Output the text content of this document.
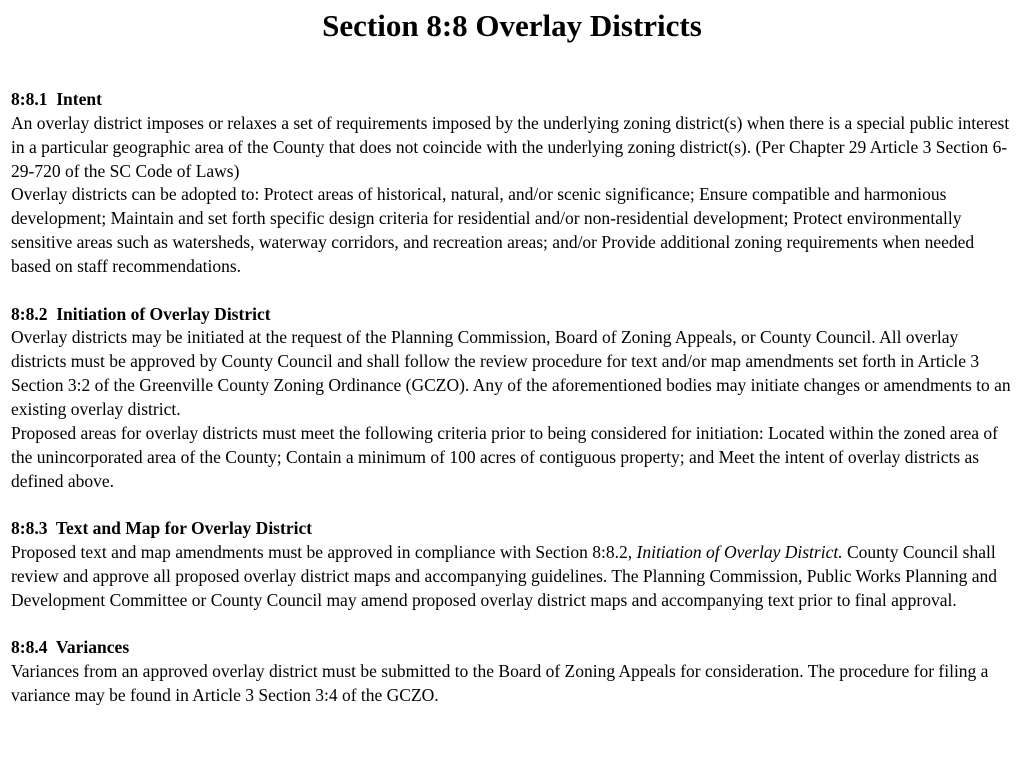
Section 8:8 Overlay Districts
8:8.1  Intent
An overlay district imposes or relaxes a set of requirements imposed by the underlying zoning district(s) when there is a special public interest in a particular geographic area of the County that does not coincide with the underlying zoning district(s). (Per Chapter 29 Article 3 Section 6-29-720 of the SC Code of Laws)
Overlay districts can be adopted to: Protect areas of historical, natural, and/or scenic significance; Ensure compatible and harmonious development; Maintain and set forth specific design criteria for residential and/or non-residential development; Protect environmentally sensitive areas such as watersheds, waterway corridors, and recreation areas; and/or Provide additional zoning requirements when needed based on staff recommendations.
8:8.2  Initiation of Overlay District
Overlay districts may be initiated at the request of the Planning Commission, Board of Zoning Appeals, or County Council. All overlay districts must be approved by County Council and shall follow the review procedure for text and/or map amendments set forth in Article 3 Section 3:2 of the Greenville County Zoning Ordinance (GCZO). Any of the aforementioned bodies may initiate changes or amendments to an existing overlay district.
Proposed areas for overlay districts must meet the following criteria prior to being considered for initiation: Located within the zoned area of the unincorporated area of the County; Contain a minimum of 100 acres of contiguous property; and Meet the intent of overlay districts as defined above.
8:8.3  Text and Map for Overlay District
Proposed text and map amendments must be approved in compliance with Section 8:8.2, Initiation of Overlay District. County Council shall review and approve all proposed overlay district maps and accompanying guidelines. The Planning Commission, Public Works Planning and Development Committee or County Council may amend proposed overlay district maps and accompanying text prior to final approval.
8:8.4  Variances
Variances from an approved overlay district must be submitted to the Board of Zoning Appeals for consideration. The procedure for filing a variance may be found in Article 3 Section 3:4 of the GCZO.
